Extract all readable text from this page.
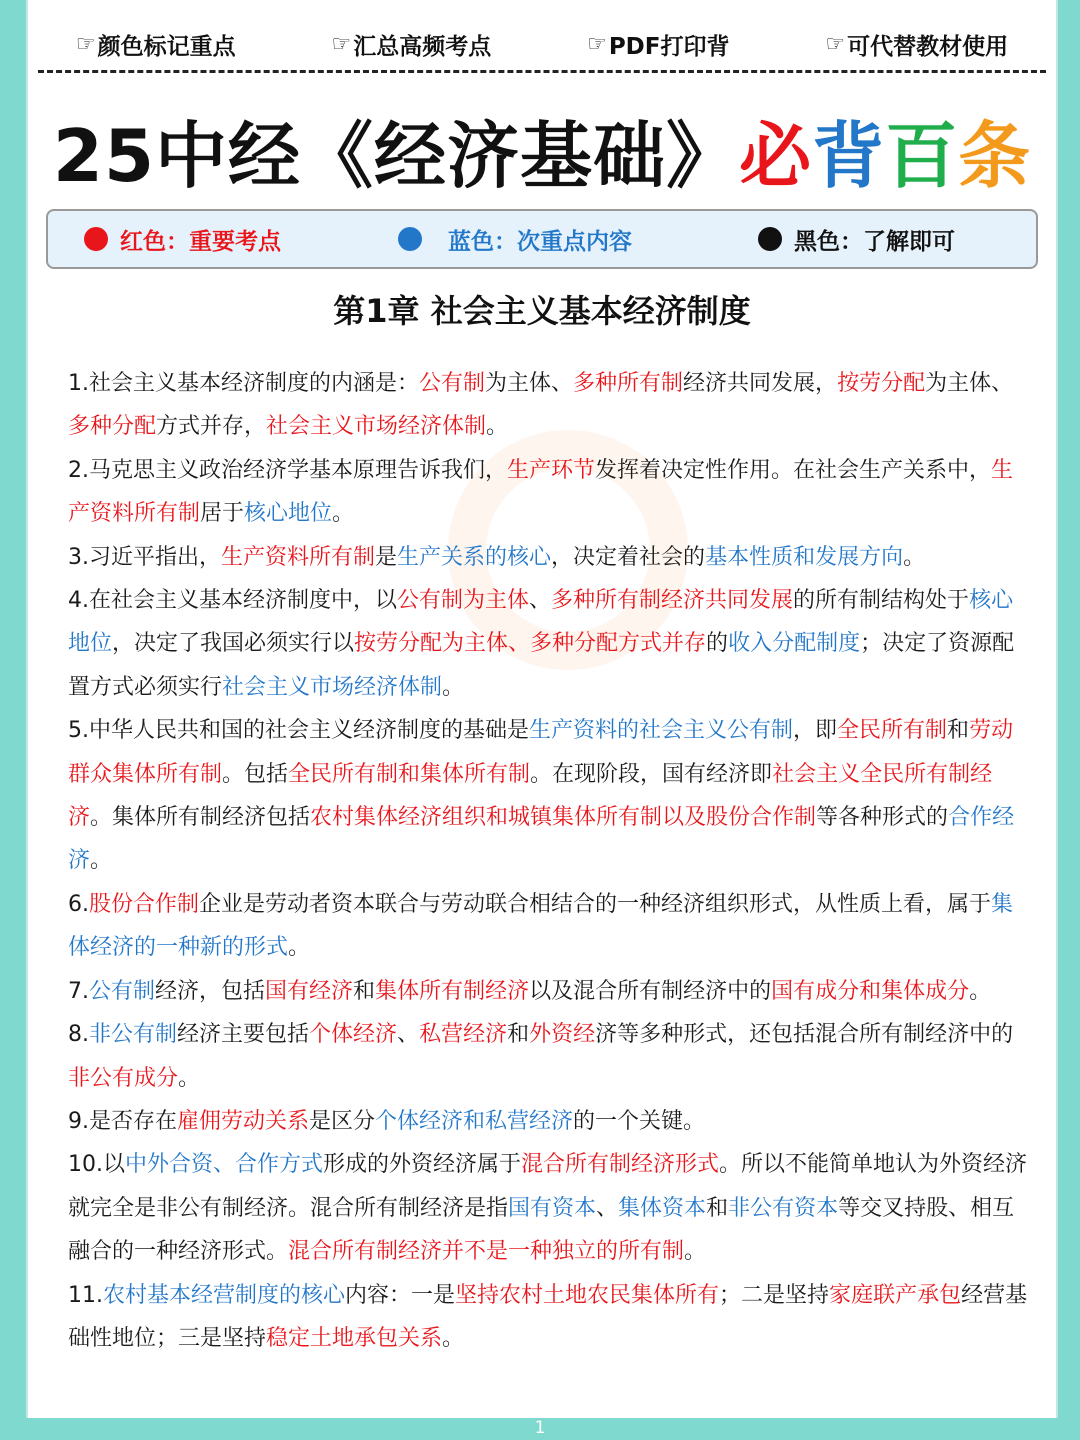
☞ 颜色标记重点	☞ 汇总高频考点	☞ PDF打印背	☞ 可代替教材使用
25中经《经济基础》必背百条
红色：重要考点	蓝色：次重点内容	黑色：了解即可
第1章 社会主义基本经济制度

1.社会主义基本经济制度的内涵是：公有制为主体、多种所有制经济共同发展，按劳分配为主体、多种分配方式并存，社会主义市场经济体制。

2.马克思主义政治经济学基本原理告诉我们，生产环节发挥着决定性作用。在社会生产关系中，生产资料所有制居于核心地位。

3.习近平指出，生产资料所有制是生产关系的核心，决定着社会的基本性质和发展方向。

4.在社会主义基本经济制度中，以公有制为主体、多种所有制经济共同发展的所有制结构处于核心地位，决定了我国必须实行以按劳分配为主体、多种分配方式并存的收入分配制度；决定了资源配置方式必须实行社会主义市场经济体制。

5.中华人民共和国的社会主义经济制度的基础是生产资料的社会主义公有制，即全民所有制和劳动群众集体所有制。包括全民所有制和集体所有制。在现阶段，国有经济即社会主义全民所有制经济。集体所有制经济包括农村集体经济组织和城镇集体所有制以及股份合作制等各种形式的合作经济。

6.股份合作制企业是劳动者资本联合与劳动联合相结合的一种经济组织形式，从性质上看，属于集体经济的一种新的形式。

7.公有制经济，包括国有经济和集体所有制经济以及混合所有制经济中的国有成分和集体成分。

8.非公有制经济主要包括个体经济、私营经济和外资经济等多种形式，还包括混合所有制经济中的非公有成分。

9.是否存在雇佣劳动关系是区分个体经济和私营经济的一个关键。

10.以中外合资、合作方式形成的外资经济属于混合所有制经济形式。所以不能简单地认为外资经济就完全是非公有制经济。混合所有制经济是指国有资本、集体资本和非公有资本等交叉持股、相互融合的一种经济形式。混合所有制经济并不是一种独立的所有制。

11.农村基本经营制度的核心内容：一是坚持农村土地农民集体所有；二是坚持家庭联产承包经营基础性地位；三是坚持稳定土地承包关系。

1
